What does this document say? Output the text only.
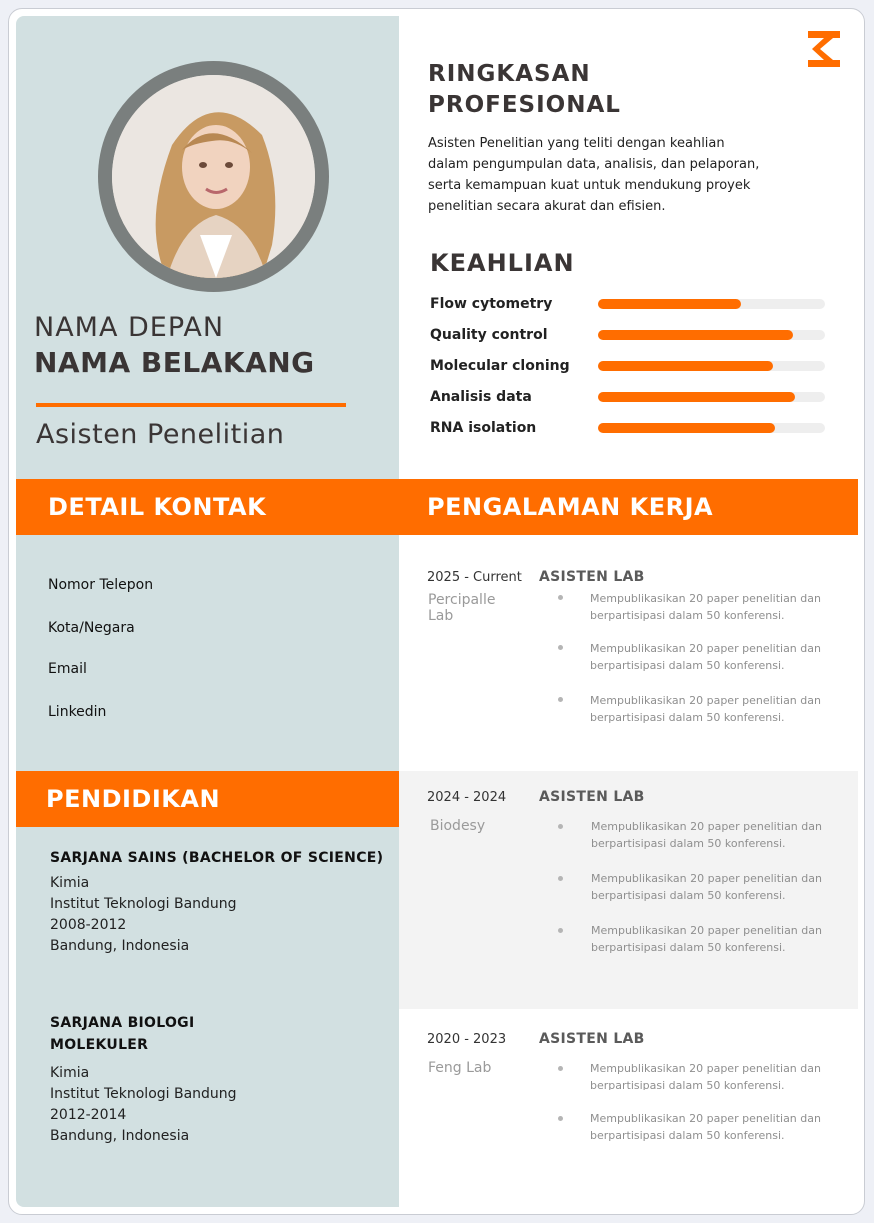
NAMA DEPAN
NAMA BELAKANG
Asisten Penelitian
RINGKASAN
PROFESIONAL
Asisten Penelitian yang teliti dengan keahlian dalam pengumpulan data, analisis, dan pelaporan, serta kemampuan kuat untuk mendukung proyek penelitian secara akurat dan efisien.
KEAHLIAN
Flow cytometry
Quality control
Molecular cloning
Analisis data
RNA isolation
DETAIL KONTAK	PENGALAMAN KERJA
PENDIDIKAN
Nomor Telepon
Kota/Negara
Email
Linkedin
SARJANA SAINS (BACHELOR OF SCIENCE)
Kimia
Institut Teknologi Bandung
2008-2012
Bandung, Indonesia
SARJANA BIOLOGI
MOLEKULER
Kimia
Institut Teknologi Bandung
2012-2014
Bandung, Indonesia
2025 - Current ASISTEN LAB
Percipalle Lab
Mempublikasikan 20 paper penelitian dan berpartisipasi dalam 50 konferensi.
Mempublikasikan 20 paper penelitian dan berpartisipasi dalam 50 konferensi.
Mempublikasikan 20 paper penelitian dan berpartisipasi dalam 50 konferensi.
2024 - 2024 ASISTEN LAB
Biodesy	Mempublikasikan 20 paper penelitian dan berpartisipasi dalam 50 konferensi.
Mempublikasikan 20 paper penelitian dan berpartisipasi dalam 50 konferensi.
Mempublikasikan 20 paper penelitian dan berpartisipasi dalam 50 konferensi.
2020 - 2023 ASISTEN LAB
Feng Lab	Mempublikasikan 20 paper penelitian dan berpartisipasi dalam 50 konferensi.
Mempublikasikan 20 paper penelitian dan berpartisipasi dalam 50 konferensi.
